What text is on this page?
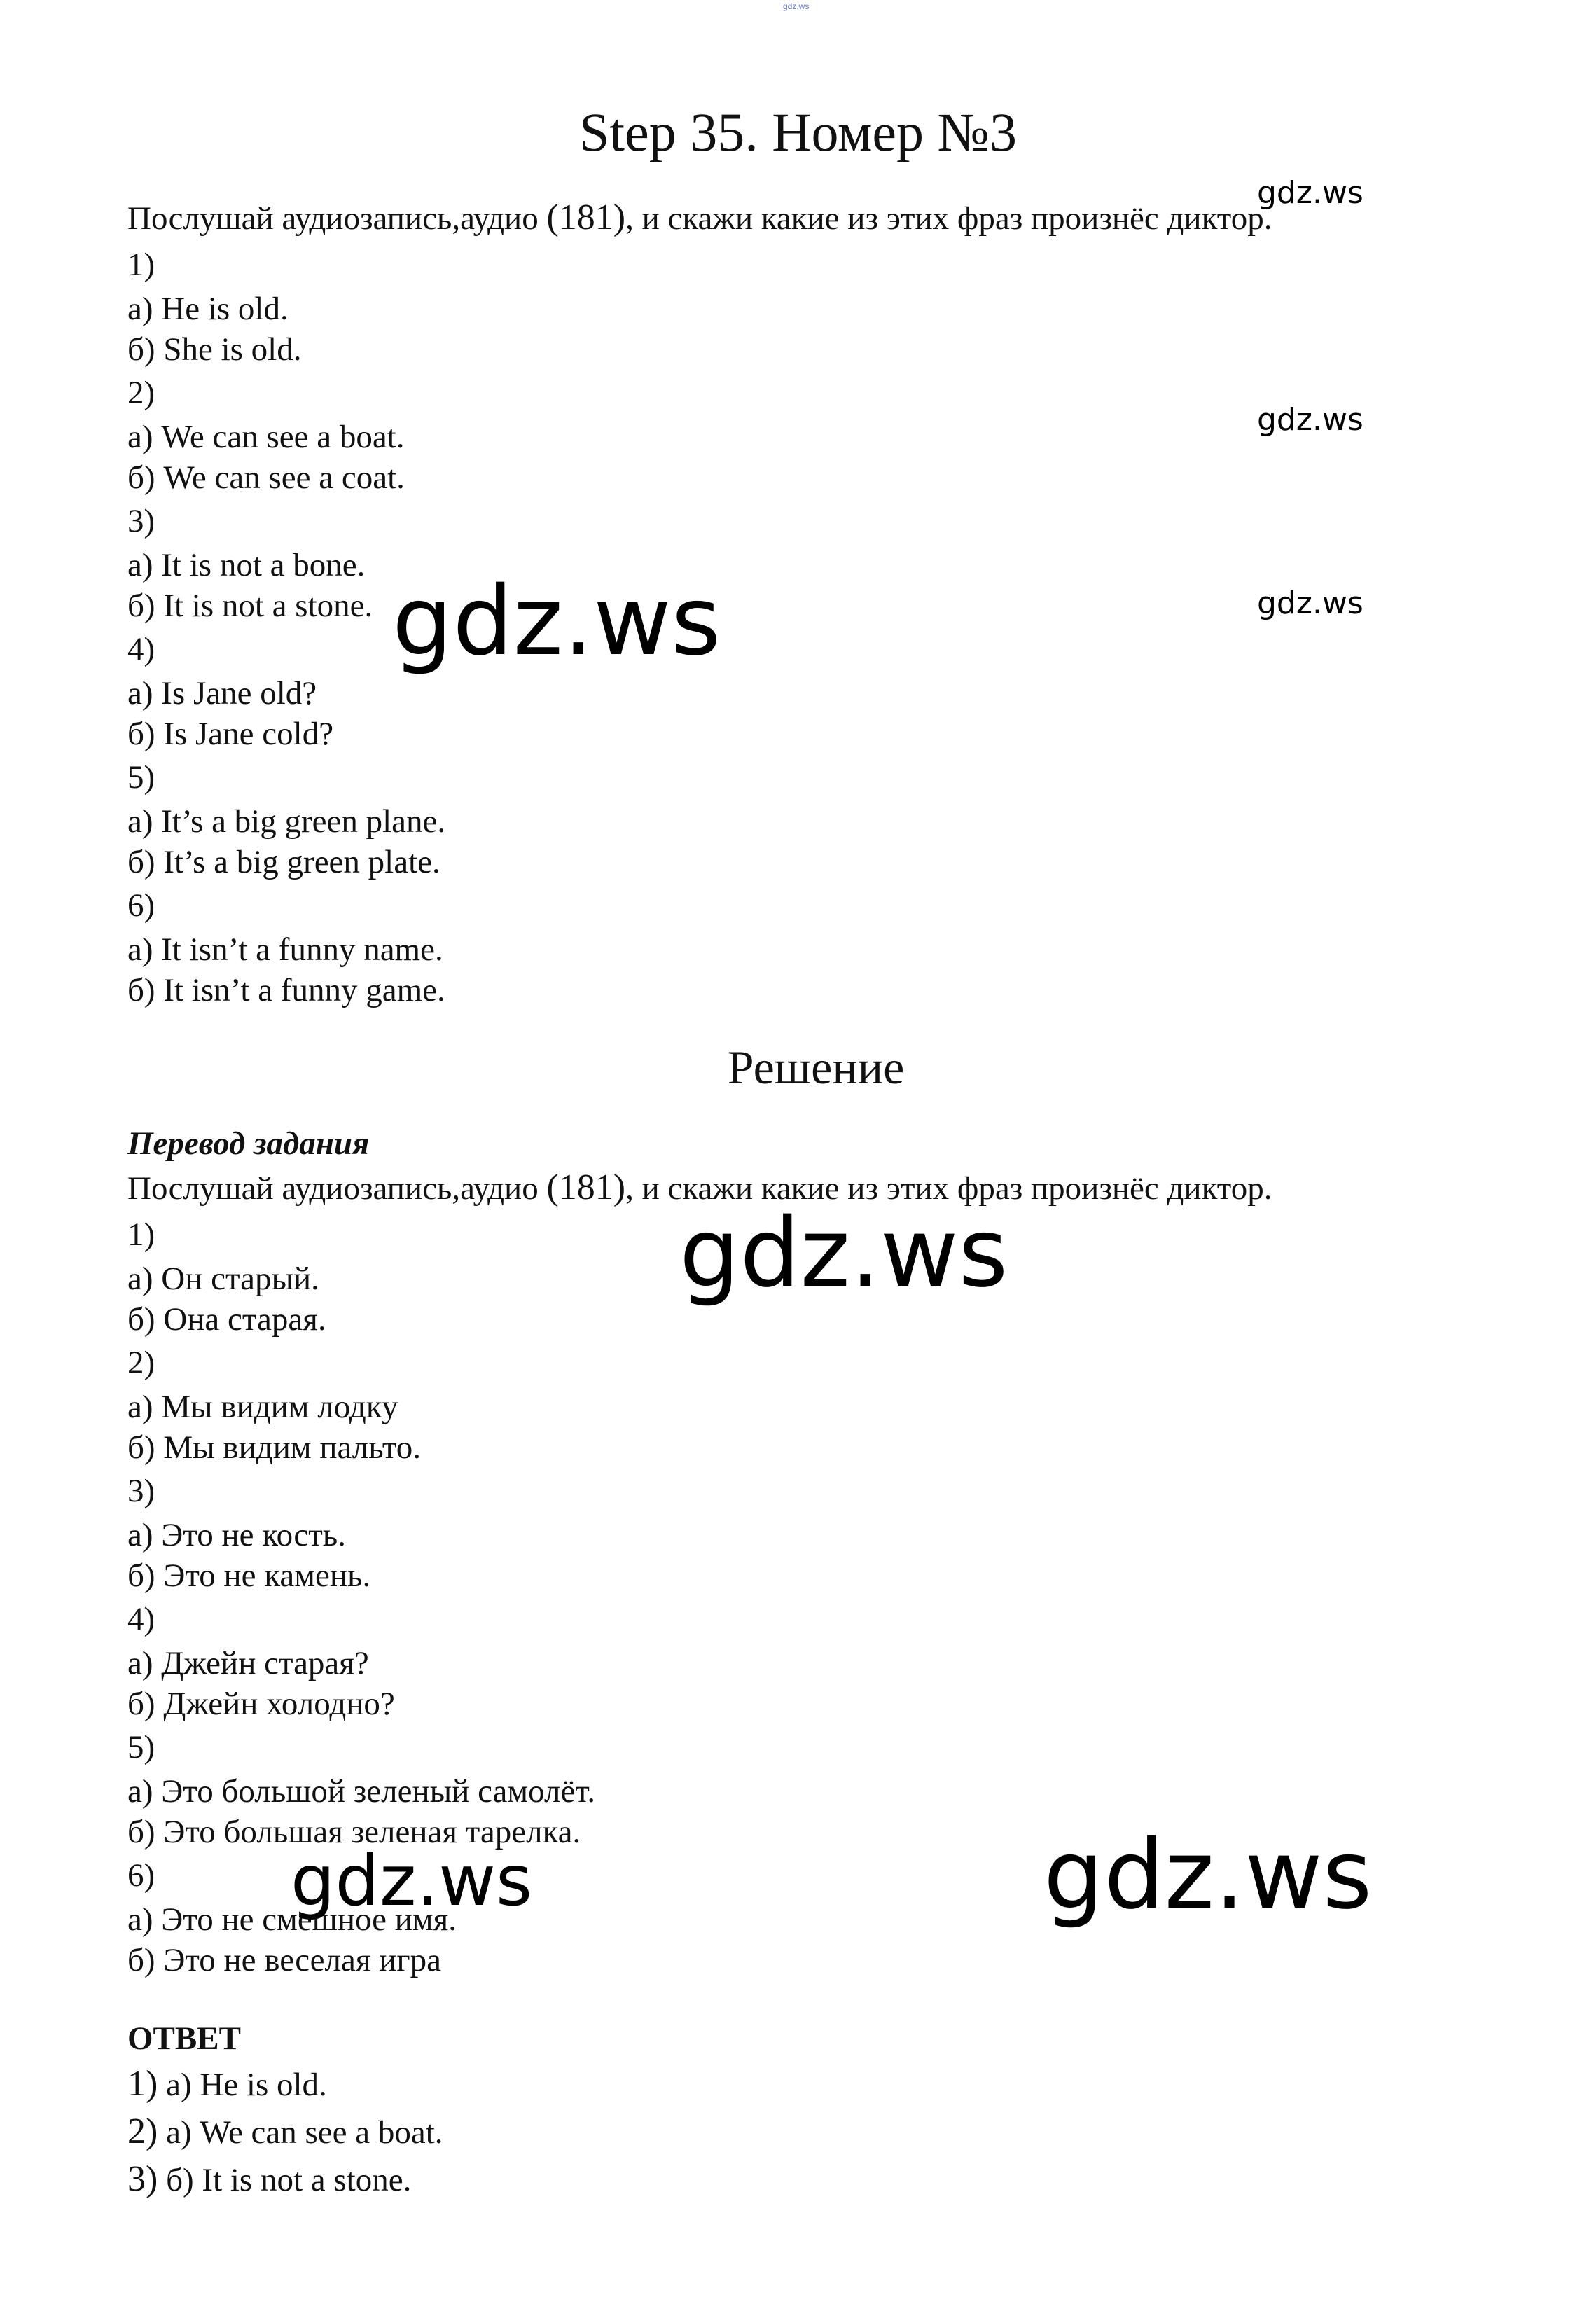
gdz.ws
Step 35. Номер №3
Послушай аудиозапись,аудио (181), и скажи какие из этих фраз произнёс диктор.
1)
а) He is old.
б) She is old.
2)
а) We can see a boat.
б) We can see a coat.
3)
а) It is not a bone.
б) It is not a stone.
4)
а) Is Jane old?
б) Is Jane cold?
5)
а) It’s a big green plane.
б) It’s a big green plate.
6)
а) It isn’t a funny name.
б) It isn’t a funny game.
Решение
Перевод задания
Послушай аудиозапись,аудио (181), и скажи какие из этих фраз произнёс диктор.
1)
а) Он старый.
б) Она старая.
2)
а) Мы видим лодку
б) Мы видим пальто.
3)
а) Это не кость.
б) Это не камень.
4)
а) Джейн старая?
б) Джейн холодно?
5)
а) Это большой зеленый самолёт.
б) Это большая зеленая тарелка.
6)
а) Это не смешное имя.
б) Это не веселая игра
ОТВЕТ
1) а) He is old.
2) а) We can see a boat.
3) б) It is not a stone.
gdz.ws
gdz.ws
gdz.ws
gdz.ws
gdz.ws
gdz.ws	gdz.ws
